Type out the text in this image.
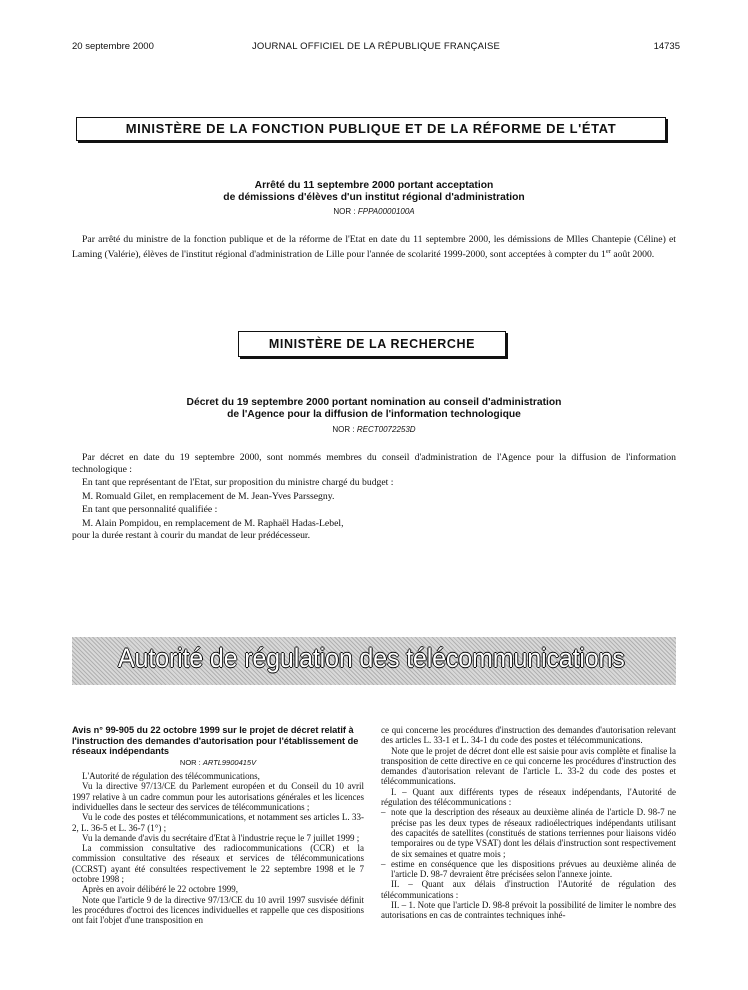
20 septembre 2000	JOURNAL OFFICIEL DE LA RÉPUBLIQUE FRANÇAISE	14735
MINISTÈRE DE LA FONCTION PUBLIQUE ET DE LA RÉFORME DE L'ÉTAT
Arrêté du 11 septembre 2000 portant acceptation
de démissions d'élèves d'un institut régional d'administration
NOR : FPPA0000100A

Par arrêté du ministre de la fonction publique et de la réforme de l'Etat en date du 11 septembre 2000, les démissions de Mlles Chantepie (Céline) et Laming (Valérie), élèves de l'institut régional d'administration de Lille pour l'année de scolarité 1999-2000, sont acceptées à compter du 1er août 2000.

MINISTÈRE DE LA RECHERCHE
Décret du 19 septembre 2000 portant nomination au conseil d'administration
de l'Agence pour la diffusion de l'information technologique
NOR : RECT0072253D

Par décret en date du 19 septembre 2000, sont nommés membres du conseil d'administration de l'Agence pour la diffusion de l'information technologique :

En tant que représentant de l'Etat, sur proposition du ministre chargé du budget :

M. Romuald Gilet, en remplacement de M. Jean-Yves Parssegny.

En tant que personnalité qualifiée :

M. Alain Pompidou, en remplacement de M. Raphaël Hadas-Lebel,

pour la durée restant à courir du mandat de leur prédécesseur.

Autorité de régulation des télécommunications

Avis n° 99-905 du 22 octobre 1999 sur le projet de décret relatif à l'instruction des demandes d'autorisation pour l'établissement de réseaux indépendants

NOR : ARTL9900415V

L'Autorité de régulation des télécommunications,

Vu la directive 97/13/CE du Parlement européen et du Conseil du 10 avril 1997 relative à un cadre commun pour les autorisations générales et les licences individuelles dans le secteur des services de télécommunications ;

Vu le code des postes et télécommunications, et notamment ses articles L. 33-2, L. 36-5 et L. 36-7 (1°) ;

Vu la demande d'avis du secrétaire d'Etat à l'industrie reçue le 7 juillet 1999 ;

La commission consultative des radiocommunications (CCR) et la commission consultative des réseaux et services de télécommunications (CCRST) ayant été consultées respectivement le 22 septembre 1998 et le 7 octobre 1998 ;

Après en avoir délibéré le 22 octobre 1999,

Note que l'article 9 de la directive 97/13/CE du 10 avril 1997 susvisée définit les procédures d'octroi des licences individuelles et rappelle que ces dispositions ont fait l'objet d'une transposition en

ce qui concerne les procédures d'instruction des demandes d'autorisation relevant des articles L. 33-1 et L. 34-1 du code des postes et télécommunications.

Note que le projet de décret dont elle est saisie pour avis complète et finalise la transposition de cette directive en ce qui concerne les procédures d'instruction des demandes d'autorisation relevant de l'article L. 33-2 du code des postes et télécommunications.

I. – Quant aux différents types de réseaux indépendants, l'Autorité de régulation des télécommunications :

– note que la description des réseaux au deuxième alinéa de l'article D. 98-7 ne précise pas les deux types de réseaux radioélectriques indépendants utilisant des capacités de satellites (constitués de stations terriennes pour liaisons vidéo temporaires ou de type VSAT) dont les délais d'instruction sont respectivement de six semaines et quatre mois ;

– estime en conséquence que les dispositions prévues au deuxième alinéa de l'article D. 98-7 devraient être précisées selon l'annexe jointe.

II. – Quant aux délais d'instruction l'Autorité de régulation des télécommunications :

II. – 1. Note que l'article D. 98-8 prévoit la possibilité de limiter le nombre des autorisations en cas de contraintes techniques inhé-
